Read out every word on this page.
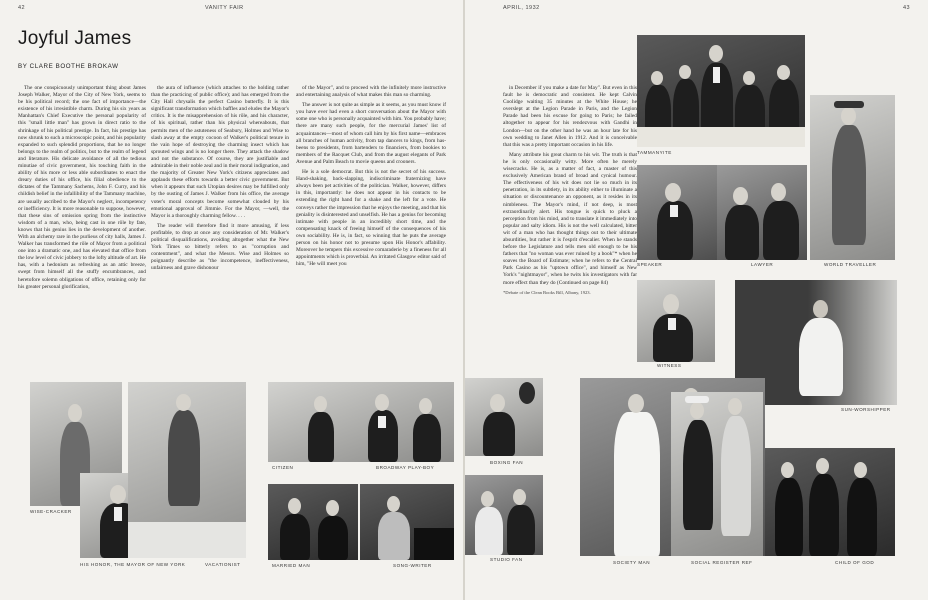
42	VANITY FAIR
Joyful James
BY CLARE BOOTHE BROKAW

The one conspicuously unimportant thing about James Joseph Walker, Mayor of the City of New York, seems to be his political record; the one fact of importance—the existence of his irresistible charm. During his six years as Manhattan's Chief Executive the personal popularity of this "small little man" has grown in direct ratio to the shrinkage of his political prestige. In fact, his prestige has now shrunk to such a microscopic point, and his popularity expanded to such splendid proportions, that he no longer belongs to the realm of politics, but to the realm of legend and literature. His delicate avoidance of all the tedious minutiae of civic government, his touching faith in the ability of his more or less able subordinates to enact the dreary duties of his office, his filial obedience to the dictates of the Tammany Sachems, John F. Curry, and his childish belief in the infallibility of the Tammany machine, are usually ascribed to the Mayor's neglect, incompetency or inefficiency. It is more reasonable to suppose, however, that these sins of omission spring from the instinctive wisdom of a man, who, being cast in one rôle by fate, knows that his genius lies in the development of another. With an alchemy rare in the purlieus of city halls, James J. Walker has transformed the rôle of Mayor from a political one into a dramatic one, and has elevated that office from the low level of civic jobbery to the lofty altitude of art. He has, with a hedonism as refreshing as an attic breeze, swept from himself all the stuffy encumbrances, and heretofore solemn obligations of office, retaining only for his greater personal glorification,

the aura of influence (which attaches to the holding rather than the practicing of public office); and has emerged from the City Hall chrysalis the perfect Casino butterfly. It is this significant transformation which baffles and eludes the Mayor's critics. It is the misapprehension of his rôle, and his character, of his spiritual, rather than his physical whereabouts, that permits men of the astuteness of Seabury, Holmes and Wise to slash away at the empty cocoon of Walker's political tenure in the vain hope of destroying the charming insect which has sprouted wings and is no longer there. They attack the shadow and not the substance. Of course, they are justifiable and admirable in their noble zeal and in their moral indignation, and the majority of Greater New York's citizens appreciates and applauds these efforts towards a better civic government. But when it appears that such Utopian desires may be fulfilled only by the ousting of James J. Walker from his office, the average voter's moral concepts become somewhat clouded by his emotional approval of Jimmie. For the Mayor, —well, the Mayor is a thoroughly charming fellow. . . .

The reader will therefore find it more amusing, if less profitable, to drop at once any consideration of Mr. Walker's political disqualifications, avoiding altogether what the New York Times so bitterly refers to as "corruption and contentment", and what the Messrs. Wise and Holmes so poignantly describe as "the incompetence, ineffectiveness, unfairness and grave dishonour

of the Mayor", and to proceed with the infinitely more instructive and entertaining analysis of what makes this man so charming.

The answer is not quite as simple as it seems, as you must know if you have ever had even a short conversation about the Mayor with some one who is personally acquainted with him. You probably have; there are many such people, for the mercurial James' list of acquaintances—most of whom call him by his first name—embraces all branches of human activity, from tap dancers to kings, from has-beens to presidents, from bartenders to financiers, from bookies to members of the Racquet Club, and from the august elegants of Park Avenue and Palm Beach to movie queens and crooners.

He is a sole democrat. But this is not the secret of his success. Hand-shaking, back-slapping, indiscriminate fraternizing have always been pet activities of the politician. Walker, however, differs in this, importantly: he does not appear in his contacts to be extending the right hand for a shake and the left for a vote. He conveys rather the impression that he enjoys the meeting, and that his geniality is disinterested and unselfish. He has a genius for becoming intimate with people in an incredibly short time, and the compensating knack of freeing himself of the consequences of his own sociability. He is, in fact, so winning that he puts the average person on his honor not to presume upon His Honor's affability. Moreover he tempers this excessive comaraderie by a fineness for all appointments which is proverbial. An irritated Glasgow editor said of him, "He will meet you

WISE-CRACKER
HIS HONOR, THE MAYOR OF NEW YORK	VACATIONIST
CITIZEN	BROADWAY PLAY-BOY
MARRIED MAN	SONG-WRITER
APRIL, 1932	43

in December if you make a date for May". But even in this fault he is democratic and consistent. He kept Calvin Coolidge waiting 35 minutes at the White House; he overslept at the Legion Parade in Paris, and the Legion Parade had been his excuse for going to Paris; he failed altogether to appear for his rendezvous with Gandhi in London—but on the other hand he was an hour late for his own wedding to Janet Allen in 1912. And it is conceivable that this was a pretty important occasion in his life.

Many attribute his great charm to his wit. The truth is that he is only occasionally witty. More often he merely wisecracks. He is, as a matter of fact, a master of this exclusively American brand of broad and cynical humour. The effectiveness of his wit does not lie so much in its penetration, in its subtlety, in its ability either to illuminate a situation or discountenance an opponent, as it resides in its nimbleness. The Mayor's mind, if not deep, is most extraordinarily alert. His tongue is quick to pluck a perception from his mind, and to translate it immediately into popular and salty idiom. His is not the well calculated, bitter wit of a man who has thought things out to their ultimate absurdities, but rather it is l'esprit d'escalier. When he stands before the Legislature and tells men old enough to be his fathers that "no woman was ever ruined by a book"* when he soaves the Board of Estimate; when he refers to the Central Park Casino as his "uptown office", and himself as New York's "nightmayor", when he twits his investigators with far more effect than they do (Continued on page 84)

*Debate of the Clean Books Bill, Albany, 1923.

TAMMANYITE
SPEAKER	LAWYER	WORLD TRAVELLER
WITNESS
SUN-WORSHIPPER
BOXING FAN
STUDIO FAN
SOCIETY MAN	SOCIAL REGISTER REF	CHILD OF GOD
